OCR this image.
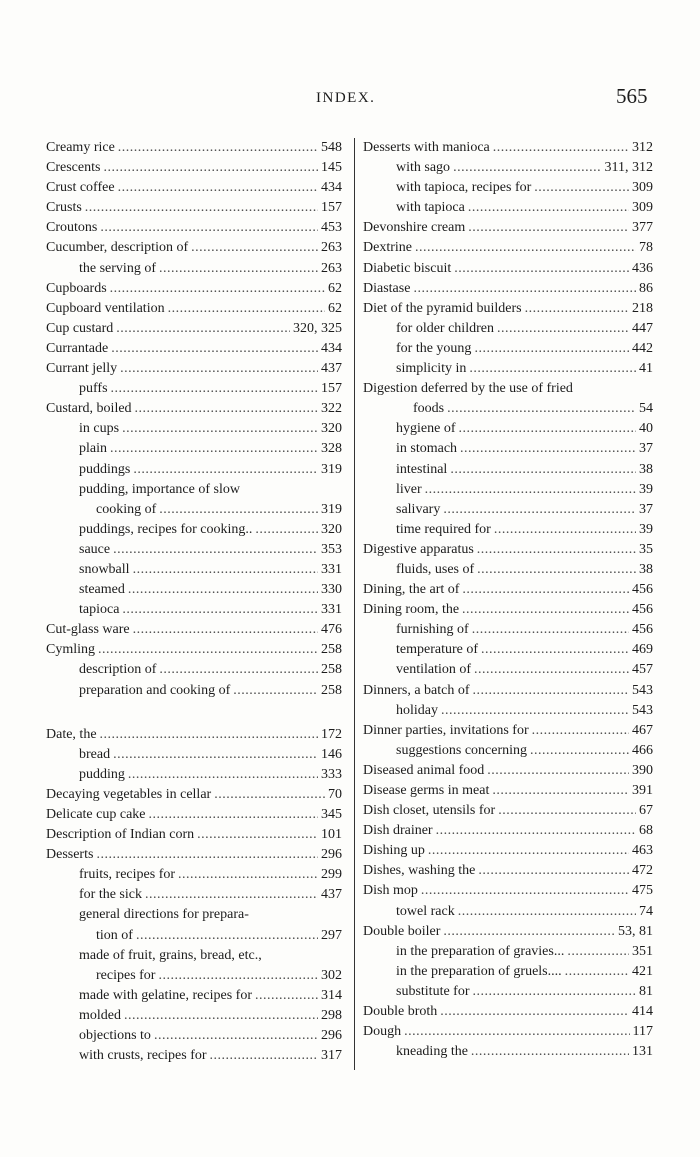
INDEX.	565
Creamy rice . . .	548
Crescents . . .	145
Crust coffee . . .	434
Crusts . . .	157
Croutons . . .	453
Cucumber, description of . . .	263
the serving of . . .	263
Cupboards . . .	62
Cupboard ventilation . . .	62
Cup custard . . .	320, 325
Currantade . . .	434
Currant jelly . . .	437
puffs . . .	157
Custard, boiled . . .	322
in cups . . .	320
plain . . .	328
puddings . . .	319
pudding, importance of slow
cooking of . . .	319
puddings, recipes for cooking.. . . .	320
sauce . . .	353
snowball . . .	331
steamed . . .	330
tapioca . . .	331
Cut-glass ware . . .	476
Cymling . . .	258
description of . . .	258
preparation and cooking of . . .	258
Date, the . . .	172
bread . . .	146
pudding . . .	333
Decaying vegetables in cellar . . .	70
Delicate cup cake . . .	345
Description of Indian corn . . .	101
Desserts . . .	296
fruits, recipes for . . .	299
for the sick . . .	437
general directions for prepara-
tion of . . .	297
made of fruit, grains, bread, etc.,
recipes for . . .	302
made with gelatine, recipes for . . .	314
molded . . .	298
objections to . . .	296
with crusts, recipes for . . .	317
Desserts with manioca . . .	312
with sago . . .	311, 312
with tapioca, recipes for . . .	309
with tapioca . . .	309
Devonshire cream . . .	377
Dextrine . . .	78
Diabetic biscuit . . .	436
Diastase . . .	86
Diet of the pyramid builders . . .	218
for older children . . .	447
for the young . . .	442
simplicity in . . .	41
Digestion deferred by the use of fried
foods . . .	54
hygiene of . . .	40
in stomach . . .	37
intestinal . . .	38
liver . . .	39
salivary . . .	37
time required for . . .	39
Digestive apparatus . . .	35
fluids, uses of . . .	38
Dining, the art of . . .	456
Dining room, the . . .	456
furnishing of . . .	456
temperature of . . .	469
ventilation of . . .	457
Dinners, a batch of . . .	543
holiday . . .	543
Dinner parties, invitations for . . .	467
suggestions concerning . . .	466
Diseased animal food . . .	390
Disease germs in meat . . .	391
Dish closet, utensils for . . .	67
Dish drainer . . .	68
Dishing up . . .	463
Dishes, washing the . . .	472
Dish mop . . .	475
towel rack . . .	74
Double boiler . . .	53, 81
in the preparation of gravies... . . .	351
in the preparation of gruels.... . . .	421
substitute for . . .	81
Double broth . . .	414
Dough . . .	117
kneading the . . .	131
